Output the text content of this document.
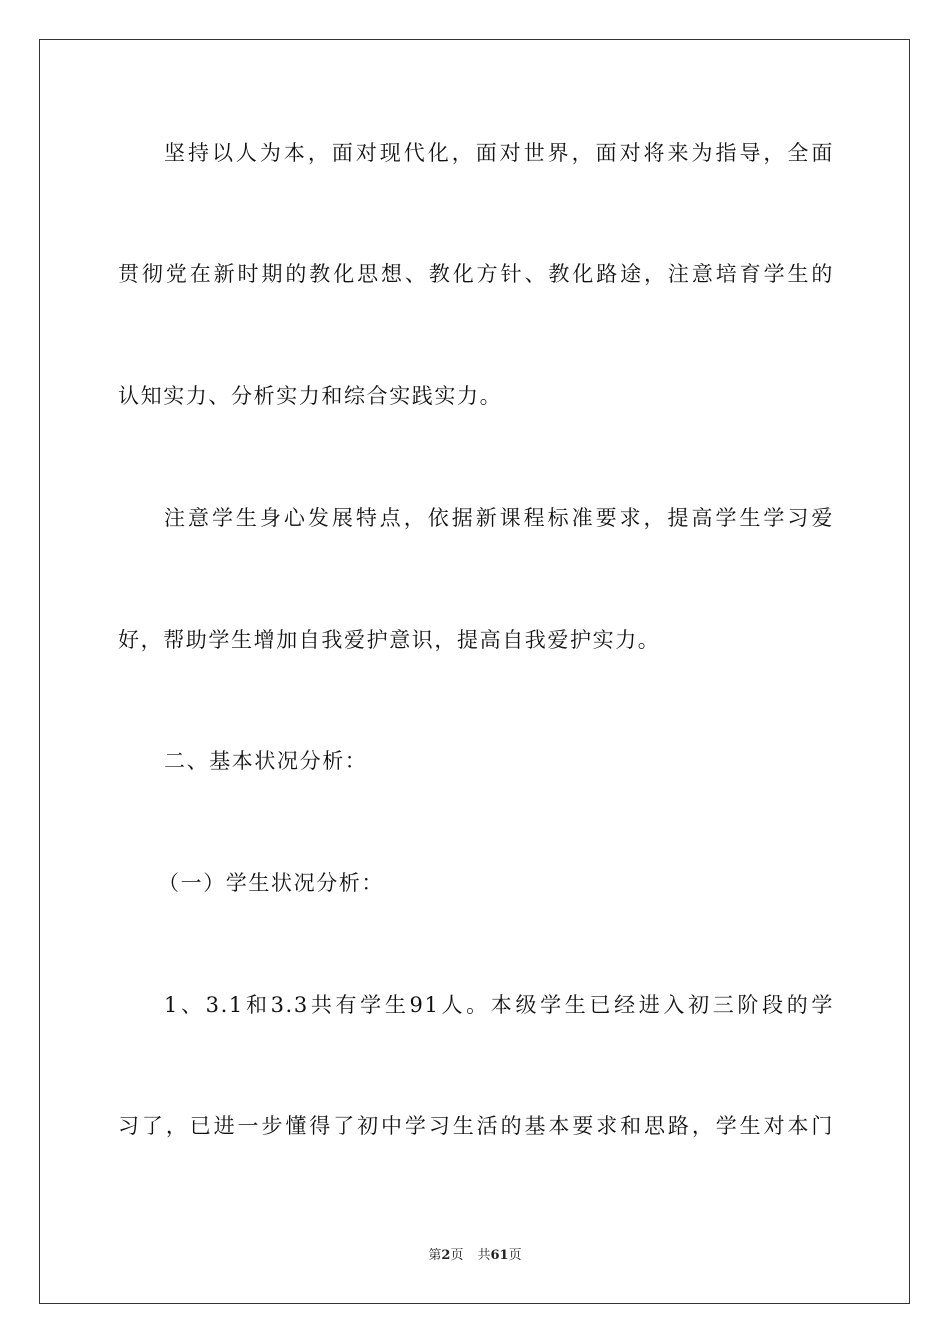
坚持以人为本，面对现代化，面对世界，面对将来为指导，全面
贯彻党在新时期的教化思想、教化方针、教化路途，注意培育学生的
认知实力、分析实力和综合实践实力。
注意学生身心发展特点，依据新课程标准要求，提高学生学习爱
好，帮助学生增加自我爱护意识，提高自我爱护实力。
二、基本状况分析：
（一）学生状况分析：
1、3.1和3.3共有学生91人。本级学生已经进入初三阶段的学
习了，已进一步懂得了初中学习生活的基本要求和思路，学生对本门
第2页 共61页
